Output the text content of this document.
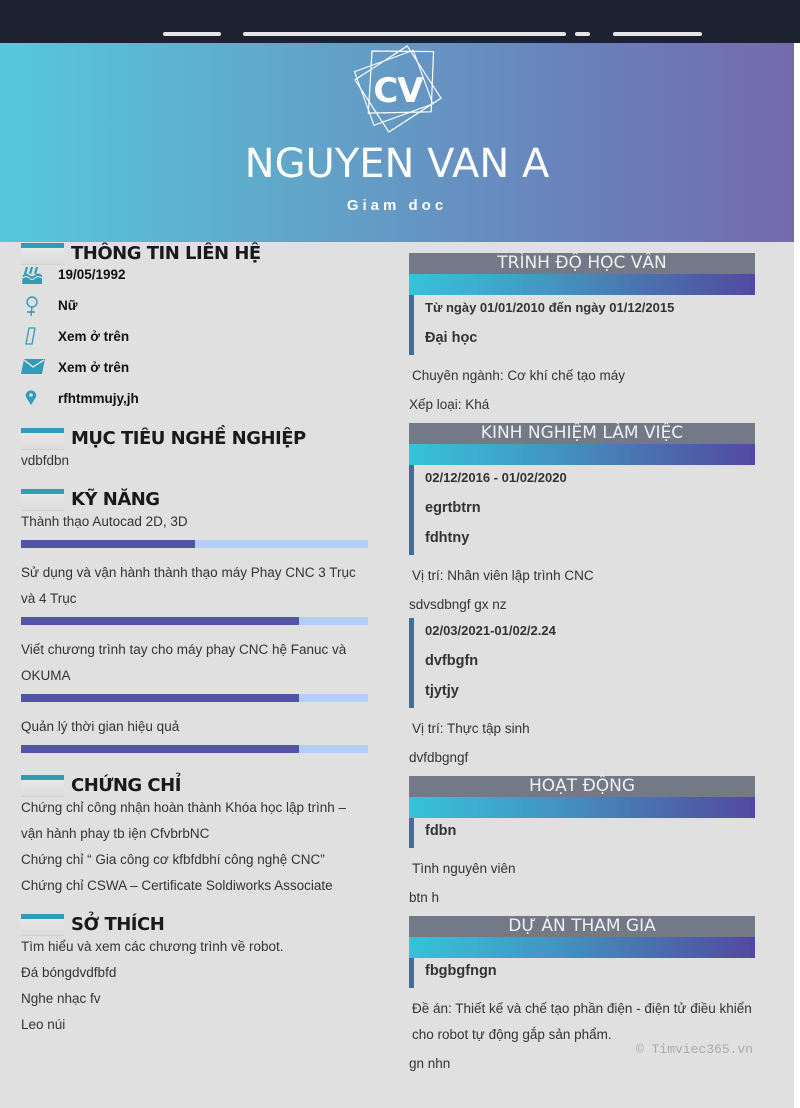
CV
NGUYEN VAN A
Giam doc
THÔNG TIN LIÊN HỆ
19/05/1992
Nữ
Xem ở trên
Xem ở trên
rfhtmmujy,jh
MỤC TIÊU NGHỀ NGHIỆP
vdbfdbn
KỸ NĂNG
Thành thạo Autocad 2D, 3D
Sử dụng và vận hành thành thạo máy Phay CNC 3 Trục và 4 Trục
Viết chương trình tay cho máy phay CNC hệ Fanuc và OKUMA
Quản lý thời gian hiệu quả
CHỨNG CHỈ
Chứng chỉ công nhận hoàn thành Khóa học lập trình – vận hành phay tb iện CfvbrbNC
Chứng chỉ “ Gia công cơ kfbfdbhí công nghệ CNC”
Chứng chỉ CSWA – Certificate Soldiworks Associate
SỞ THÍCH
Tìm hiểu và xem các chương trình về robot.
Đá bóngdvdfbfd
Nghe nhạc fv
Leo núi
TRÌNH ĐỘ HỌC VẤN
Từ ngày 01/01/2010 đến ngày 01/12/2015
Đại học
Chuyên ngành: Cơ khí chế tạo máy
Xếp loại: Khá
KINH NGHIỆM LÀM VIỆC
02/12/2016 - 01/02/2020
egrtbtrn
fdhtny
Vị trí: Nhân viên lập trình CNC
sdvsdbngf gx nz
02/03/2021-01/02/2.24
dvfbgfn
tjytjy
Vị trí: Thực tập sinh
dvfdbgngf
HOẠT ĐỘNG
fdbn
Tình nguyên viên
btn h
DỰ ÁN THAM GIA
fbgbgfngn
Đề án: Thiết kế và chế tạo phần điện - điện tử điều khiển cho robot tự động gắp sản phẩm.
gn nhn
© Timviec365.vn
